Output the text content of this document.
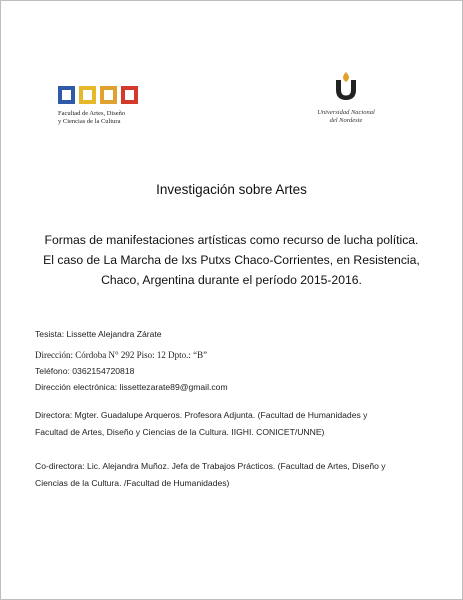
Facultad de Artes, Diseño
y Ciencias de la Cultura
Universidad Nacional
del Nordeste
Investigación sobre Artes
Formas de manifestaciones artísticas como recurso de lucha política.
El caso de La Marcha de Ixs Putxs Chaco-Corrientes, en Resistencia,
Chaco, Argentina durante el período 2015-2016.
Tesista: Lissette Alejandra Zárate
Dirección: Córdoba N° 292 Piso: 12 Dpto.: “B”
Teléfono: 0362154720818
Dirección electrónica: lissettezarate89@gmail.com
Directora: Mgter. Guadalupe Arqueros. Profesora Adjunta. (Facultad de Humanidades y
Facultad de Artes, Diseño y Ciencias de la Cultura. IIGHI. CONICET/UNNE)
Co-directora: Lic. Alejandra Muñoz. Jefa de Trabajos Prácticos. (Facultad de Artes, Diseño y
Ciencias de la Cultura. /Facultad de Humanidades)
